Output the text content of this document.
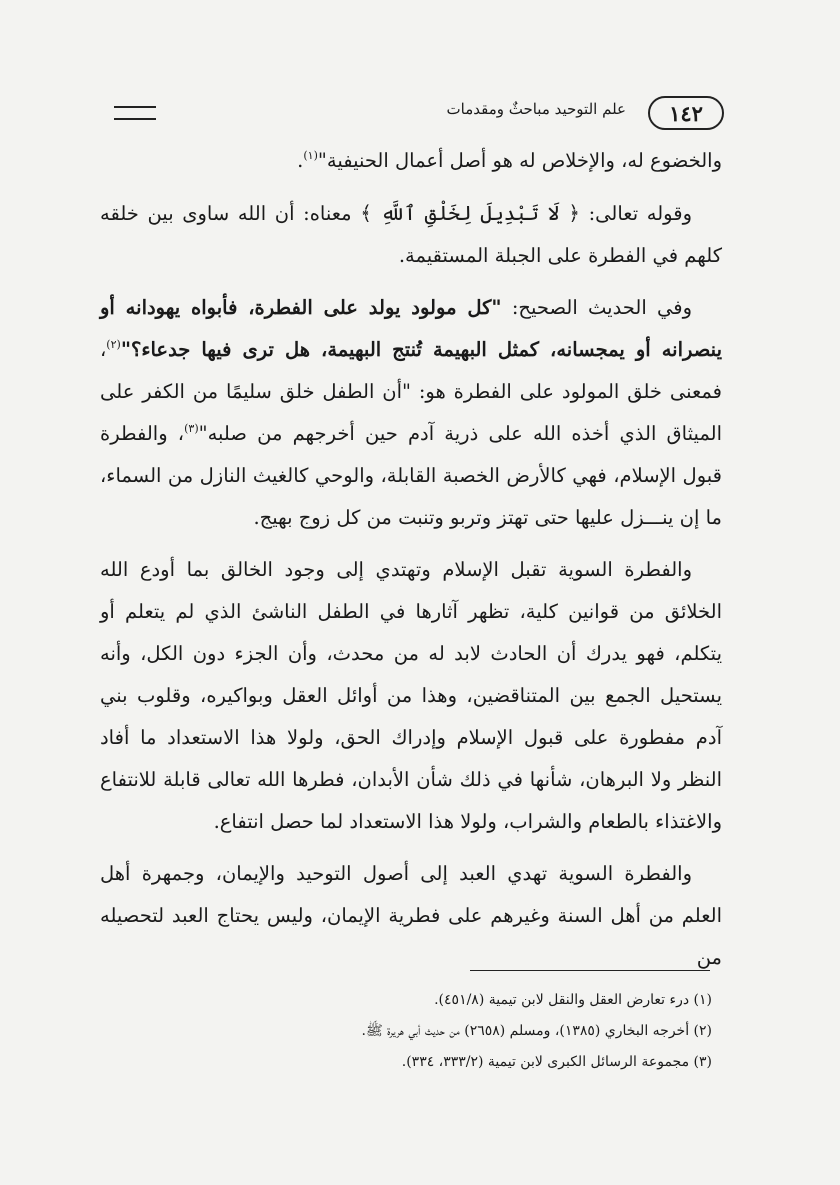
١٤٢
علم التوحيد مباحثٌ ومقدمات

والخضوع له، والإخلاص له هو أصل أعمال الحنيفية"$^{(١)}$.

وقوله تعالى: ﴿ لَا تَبْدِيلَ لِخَلْقِ ٱللَّهِ ﴾ معناه: أن الله ساوى بين خلقه كلهم في الفطرة على الجبلة المستقيمة.

وفي الحديث الصحيح: "كل مولود يولد على الفطرة، فأبواه يهودانه أو ينصرانه أو يمجسانه، كمثل البهيمة تُنتج البهيمة، هل ترى فيها جدعاء؟"$^{(٢)}$، فمعنى خلق المولود على الفطرة هو: "أن الطفل خلق سليمًا من الكفر على الميثاق الذي أخذه الله على ذرية آدم حين أخرجهم من صلبه"$^{(٣)}$، والفطرة قبول الإسلام، فهي كالأرض الخصبة القابلة، والوحي كالغيث النازل من السماء، ما إن ينـــزل عليها حتى تهتز وتربو وتنبت من كل زوج بهيج.

والفطرة السوية تقبل الإسلام وتهتدي إلى وجود الخالق بما أودع الله الخلائق من قوانين كلية، تظهر آثارها في الطفل الناشئ الذي لم يتعلم أو يتكلم، فهو يدرك أن الحادث لابد له من محدث، وأن الجزء دون الكل، وأنه يستحيل الجمع بين المتناقضين، وهذا من أوائل العقل وبواكيره، وقلوب بني آدم مفطورة على قبول الإسلام وإدراك الحق، ولولا هذا الاستعداد ما أفاد النظر ولا البرهان، شأنها في ذلك شأن الأبدان، فطرها الله تعالى قابلة للانتفاع والاغتذاء بالطعام والشراب، ولولا هذا الاستعداد لما حصل انتفاع.

والفطرة السوية تهدي العبد إلى أصول التوحيد والإيمان، وجمهرة أهل العلم من أهل السنة وغيرهم على فطرية الإيمان، وليس يحتاج العبد لتحصيله من

(١) درء تعارض العقل والنقل لابن تيمية (٤٥١/٨).
(٢) أخرجه البخاري (١٣٨٥)، ومسلم (٢٦٥٨) من حديث أبي هريرة ﷺ.
(٣) مجموعة الرسائل الكبرى لابن تيمية (٣٣٣/٢، ٣٣٤).
